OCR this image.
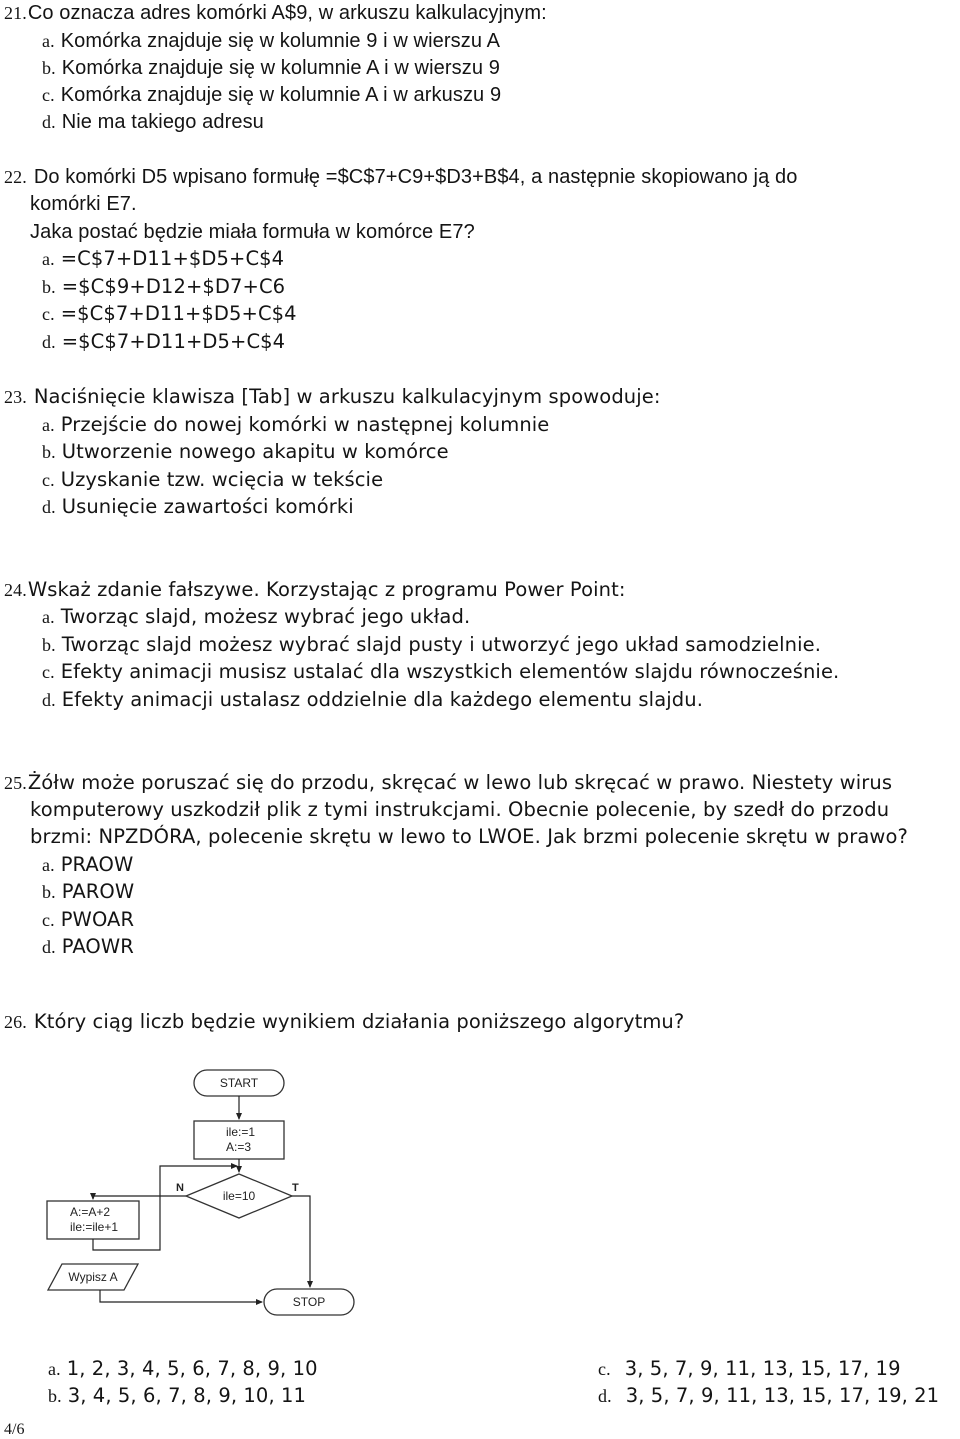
21.Co oznacza adres komórki A$9, w arkuszu kalkulacyjnym:
a. Komórka znajduje się w kolumnie 9 i w wierszu A
b. Komórka znajduje się w kolumnie A i w wierszu 9
c. Komórka znajduje się w kolumnie A i w arkuszu 9
d. Nie ma takiego adresu
22. Do komórki D5 wpisano formułę =$C$7+C9+$D3+B$4, a następnie skopiowano ją do
komórki E7.
Jaka postać będzie miała formuła w komórce E7?
a. =C$7+D11+$D5+C$4
b. =$C$9+D12+$D7+C6
c. =$C$7+D11+$D5+C$4
d. =$C$7+D11+D5+C$4
23. Naciśnięcie klawisza [Tab] w arkuszu kalkulacyjnym spowoduje:
a. Przejście do nowej komórki w następnej kolumnie
b. Utworzenie nowego akapitu w komórce
c. Uzyskanie tzw. wcięcia w tekście
d. Usunięcie zawartości komórki
24.Wskaż zdanie fałszywe. Korzystając z programu Power Point:
a. Tworząc slajd, możesz wybrać jego układ.
b. Tworząc slajd możesz wybrać slajd pusty i utworzyć jego układ samodzielnie.
c. Efekty animacji musisz ustalać dla wszystkich elementów slajdu równocześnie.
d. Efekty animacji ustalasz oddzielnie dla każdego elementu slajdu.
25.Żółw może poruszać się do przodu, skręcać w lewo lub skręcać w prawo. Niestety wirus
komputerowy uszkodził plik z tymi instrukcjami. Obecnie polecenie, by szedł do przodu
brzmi: NPZDÓRA, polecenie skrętu w lewo to LWOE. Jak brzmi polecenie skrętu w prawo?
a. PRAOW
b. PAROW
c. PWOAR
d. PAOWR
26. Który ciąg liczb będzie wynikiem działania poniższego algorytmu?
START
ile:=1
A:=3
ile=10
N	T
A:=A+2
ile:=ile+1
Wypisz A
STOP
a. 1, 2, 3, 4, 5, 6, 7, 8, 9, 10
b. 3, 4, 5, 6, 7, 8, 9, 10, 11
c. 3, 5, 7, 9, 11, 13, 15, 17, 19
d. 3, 5, 7, 9, 11, 13, 15, 17, 19, 21
4/6
